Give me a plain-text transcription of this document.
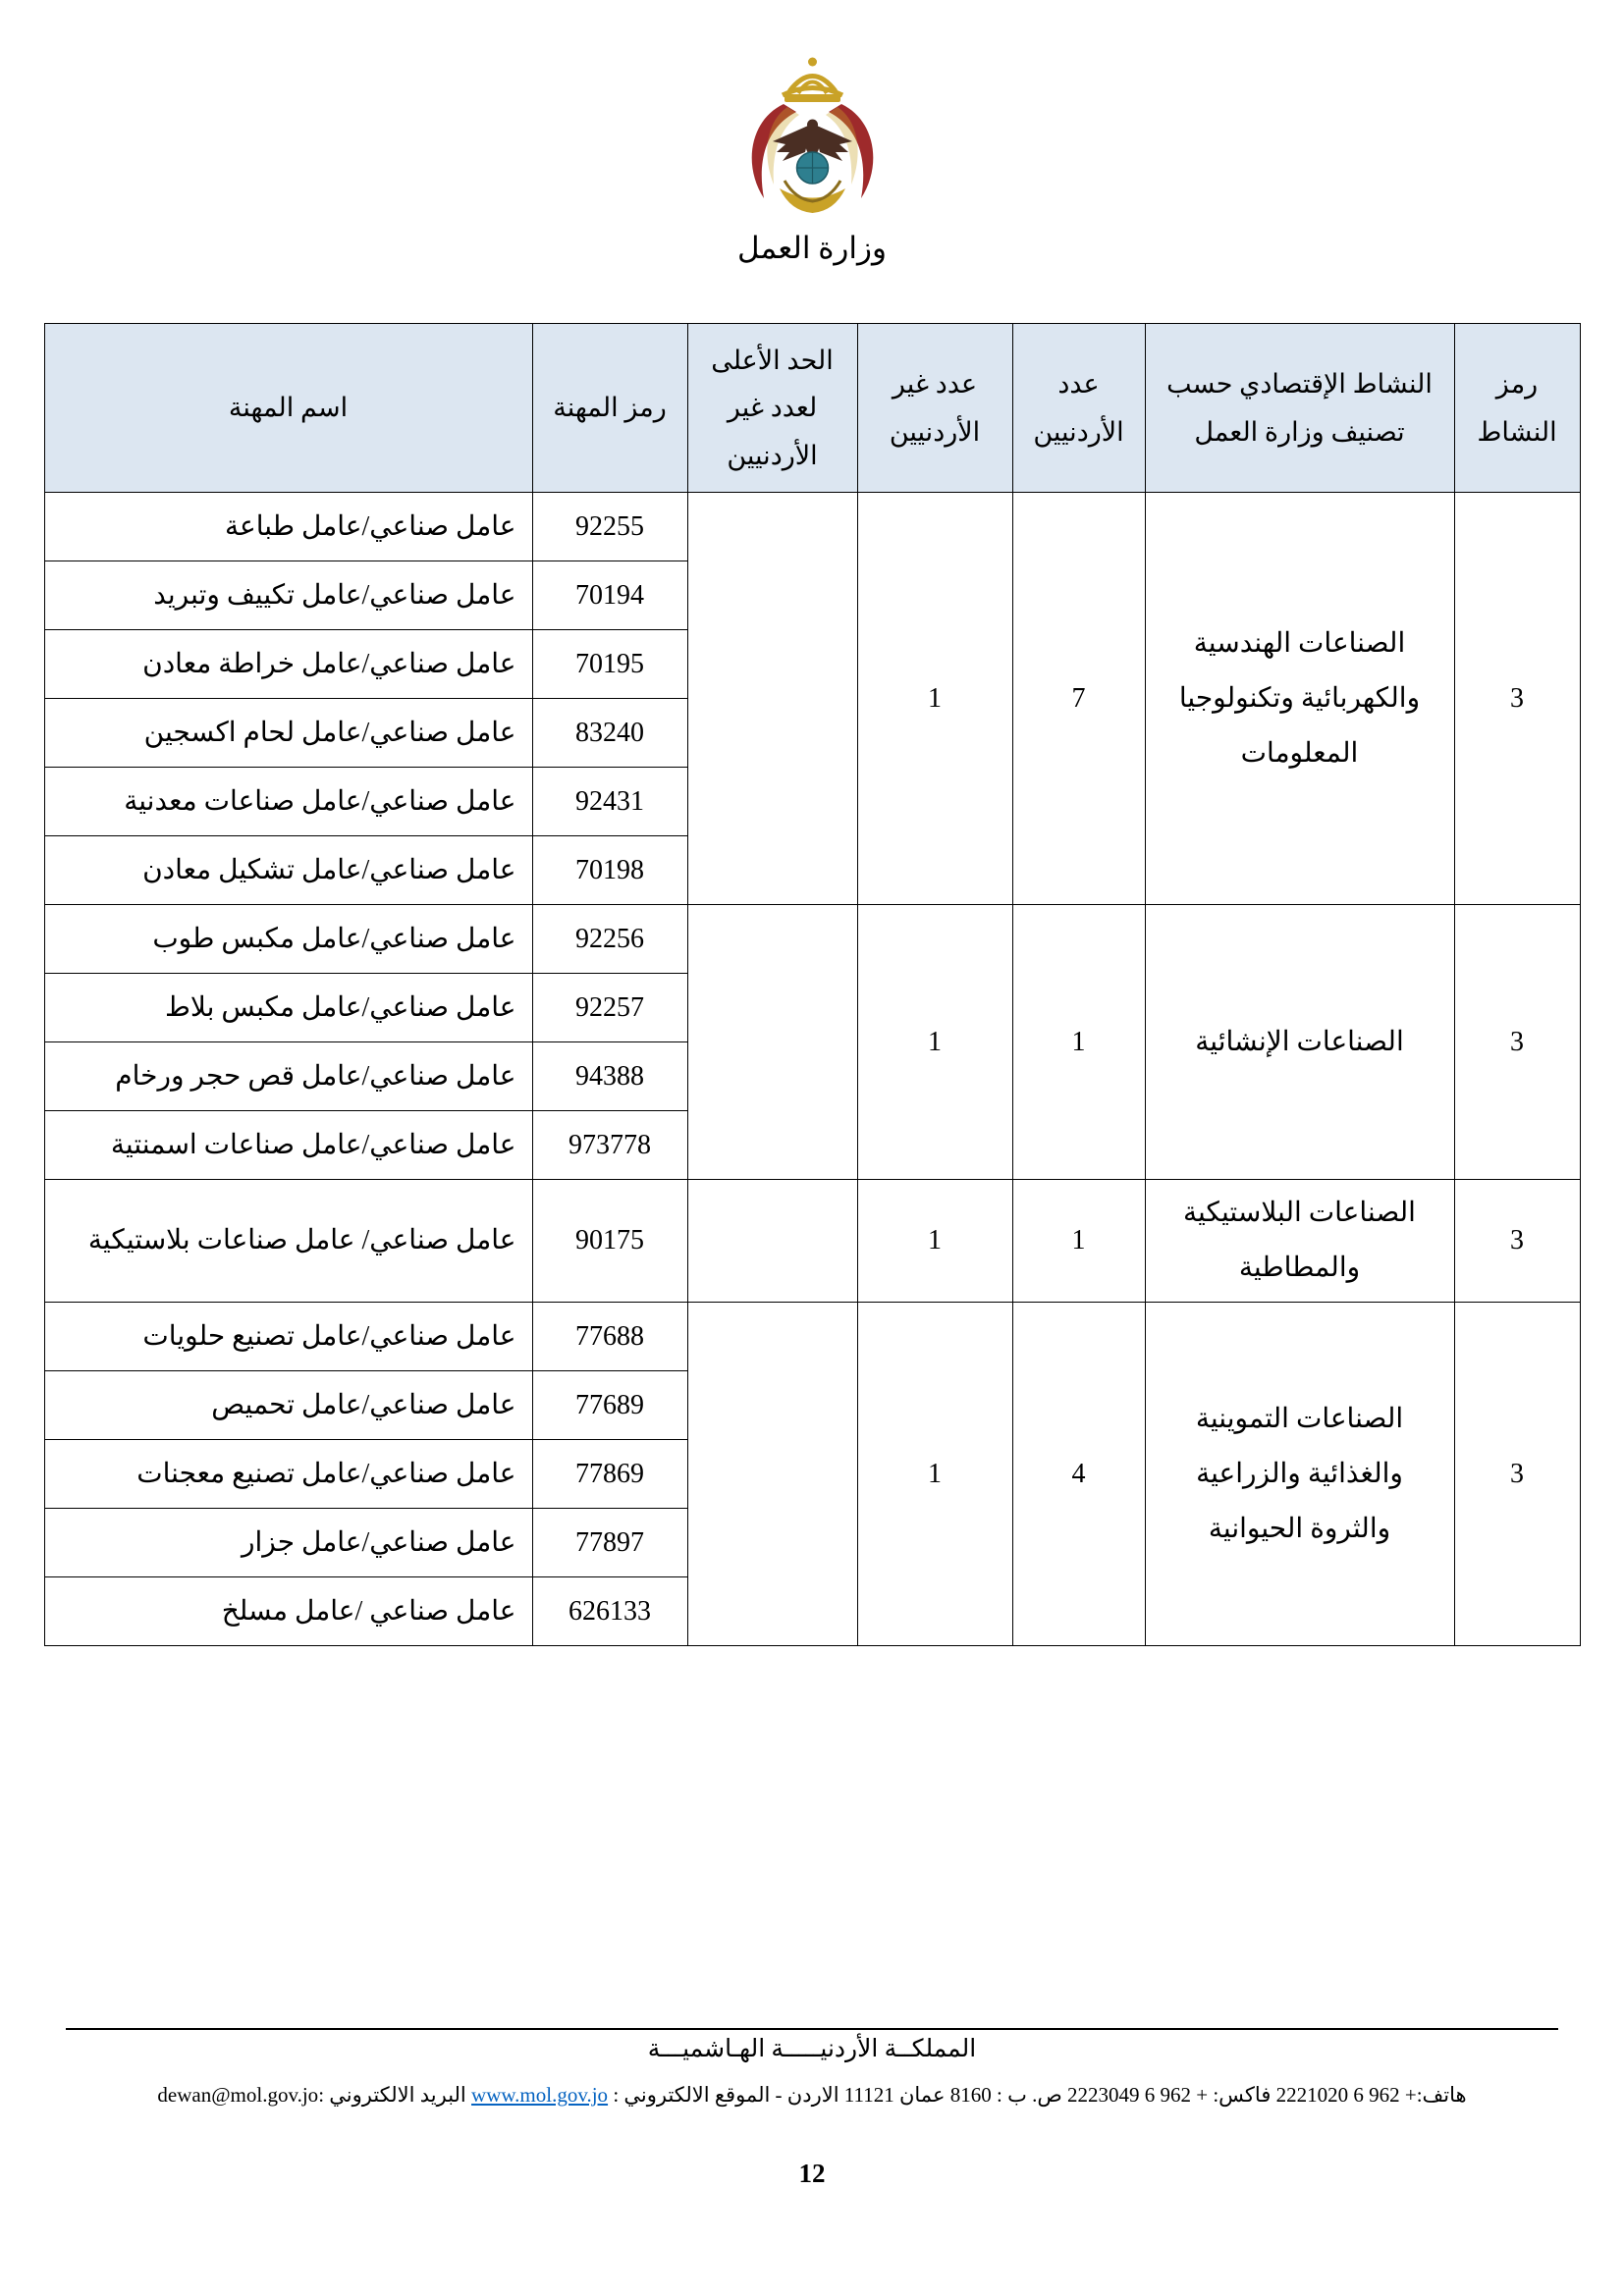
وزارة العمل
رمز النشاط	النشاط الإقتصادي حسب تصنيف وزارة العمل	عدد الأردنيين	عدد غير الأردنيين	الحد الأعلى لعدد غير الأردنيين	رمز المهنة	اسم المهنة
3	الصناعات الهندسية والكهربائية وتكنولوجيا المعلومات	7	1		92255	عامل صناعي/عامل طباعة
					70194	عامل صناعي/عامل تكييف وتبريد
					70195	عامل صناعي/عامل خراطة معادن
					83240	عامل صناعي/عامل لحام اكسجين
					92431	عامل صناعي/عامل صناعات معدنية
					70198	عامل صناعي/عامل تشكيل معادن
3	الصناعات الإنشائية	1	1		92256	عامل صناعي/عامل مكبس طوب
					92257	عامل صناعي/عامل مكبس بلاط
					94388	عامل صناعي/عامل قص حجر ورخام
					973778	عامل صناعي/عامل صناعات اسمنتية
3	الصناعات البلاستيكية والمطاطية	1	1		90175	عامل صناعي/ عامل صناعات بلاستيكية
3	الصناعات التموينية والغذائية والزراعية والثروة الحيوانية	4	1		77688	عامل صناعي/عامل تصنيع حلويات
					77689	عامل صناعي/عامل تحميص
					77869	عامل صناعي/عامل تصنيع معجنات
					77897	عامل صناعي/عامل جزار
					626133	عامل صناعي /عامل مسلخ
المملكــة الأردنيـــــة الهـاشميـــة
هاتف:+ 962 6 2221020 فاكس: + 962 6 2223049 ص. ب : 8160 عمان 11121 الاردن - الموقع الالكتروني : www.mol.gov.jo البريد الالكتروني :dewan@mol.gov.jo
12
